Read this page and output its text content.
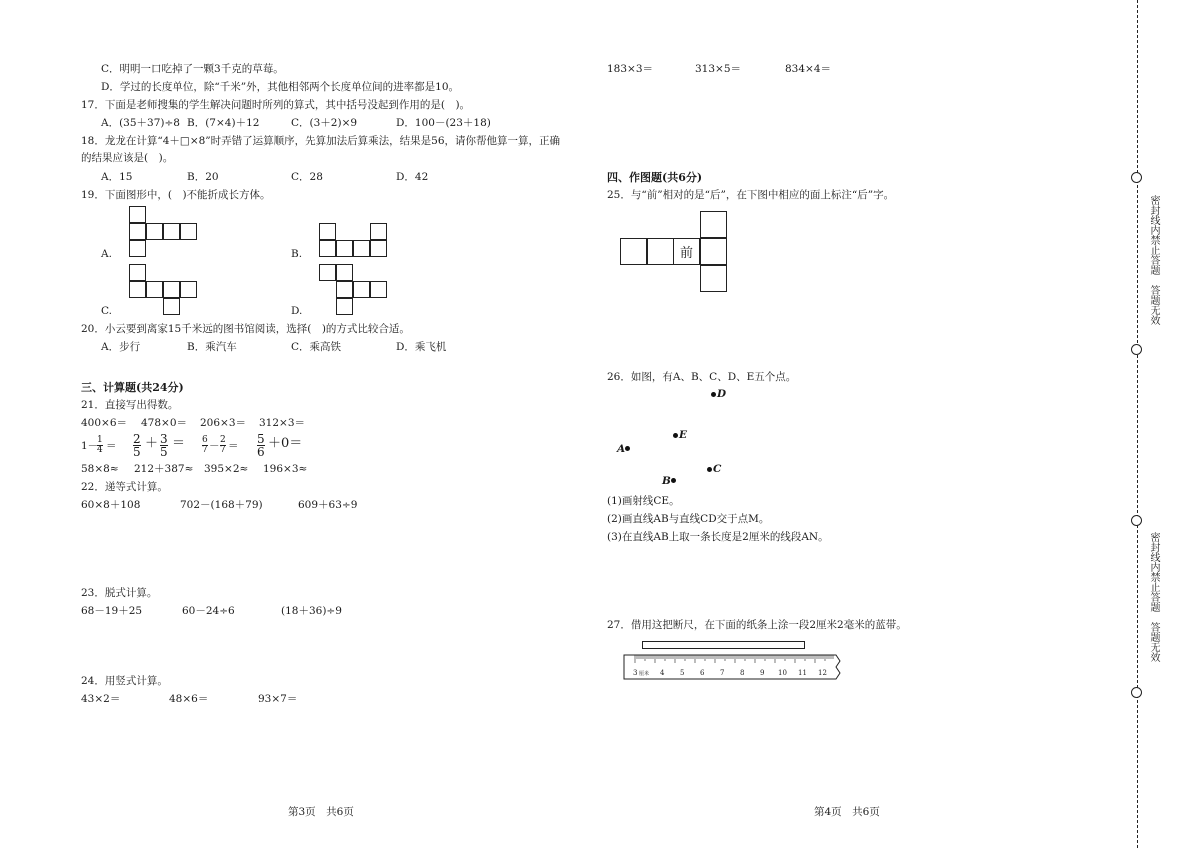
C．明明一口吃掉了一颗3千克的草莓。
D．学过的长度单位，除“千米”外，其他相邻两个长度单位间的进率都是10。
17．下面是老师搜集的学生解决问题时所列的算式，其中括号没起到作用的是(　)。
A．(35＋37)÷8 B．(7×4)＋12	C．(3＋2)×9	D．100－(23＋18)
18．龙龙在计算“4＋□×8”时弄错了运算顺序，先算加法后算乘法，结果是56，请你帮他算一算，正确
的结果应该是(　)。
A．15	B．20	C．28	D．42
19．下面图形中，(　)不能折成长方体。
A.	B.
C.	D.
20．小云要到离家15千米远的图书馆阅读，选择(　)的方式比较合适。
A．步行	B．乘汽车	C．乘高铁	D．乘飞机
三、计算题(共24分)
21．直接写出得数。
400×6＝ 478×0＝ 206×3＝ 312×3＝
1－
1
4 ＝ 2
5
＋ 3
5
＝ 6
7 － 2
7 ＝ 5
6
＋0＝
58×8≈ 212＋387≈ 395×2≈ 196×3≈
22．递等式计算。
60×8＋108	702－(168＋79)	609＋63÷9
23．脱式计算。
68－19＋25	60－24÷6	(18＋36)÷9
24．用竖式计算。
43×2＝	48×6＝	93×7＝
第3页　共6页
183×3＝	313×5＝	834×4＝
四、作图题(共6分)
25．与“前”相对的是“后”，在下图中相应的面上标注“后”字。
前
26．如图，有A、B、C、D、E五个点。
D
E
A
B
C
(1)画射线CE。
(2)画直线AB与直线CD交于点M。
(3)在直线AB上取一条长度是2厘米的线段AN。
27．借用这把断尺，在下面的纸条上涂一段2厘米2毫米的蓝带。
3 厘米 4 5 6 7 8 9 10 11 12
第4页　共6页
密封线内禁止答题　答题无效
密封线内禁止答题　答题无效
